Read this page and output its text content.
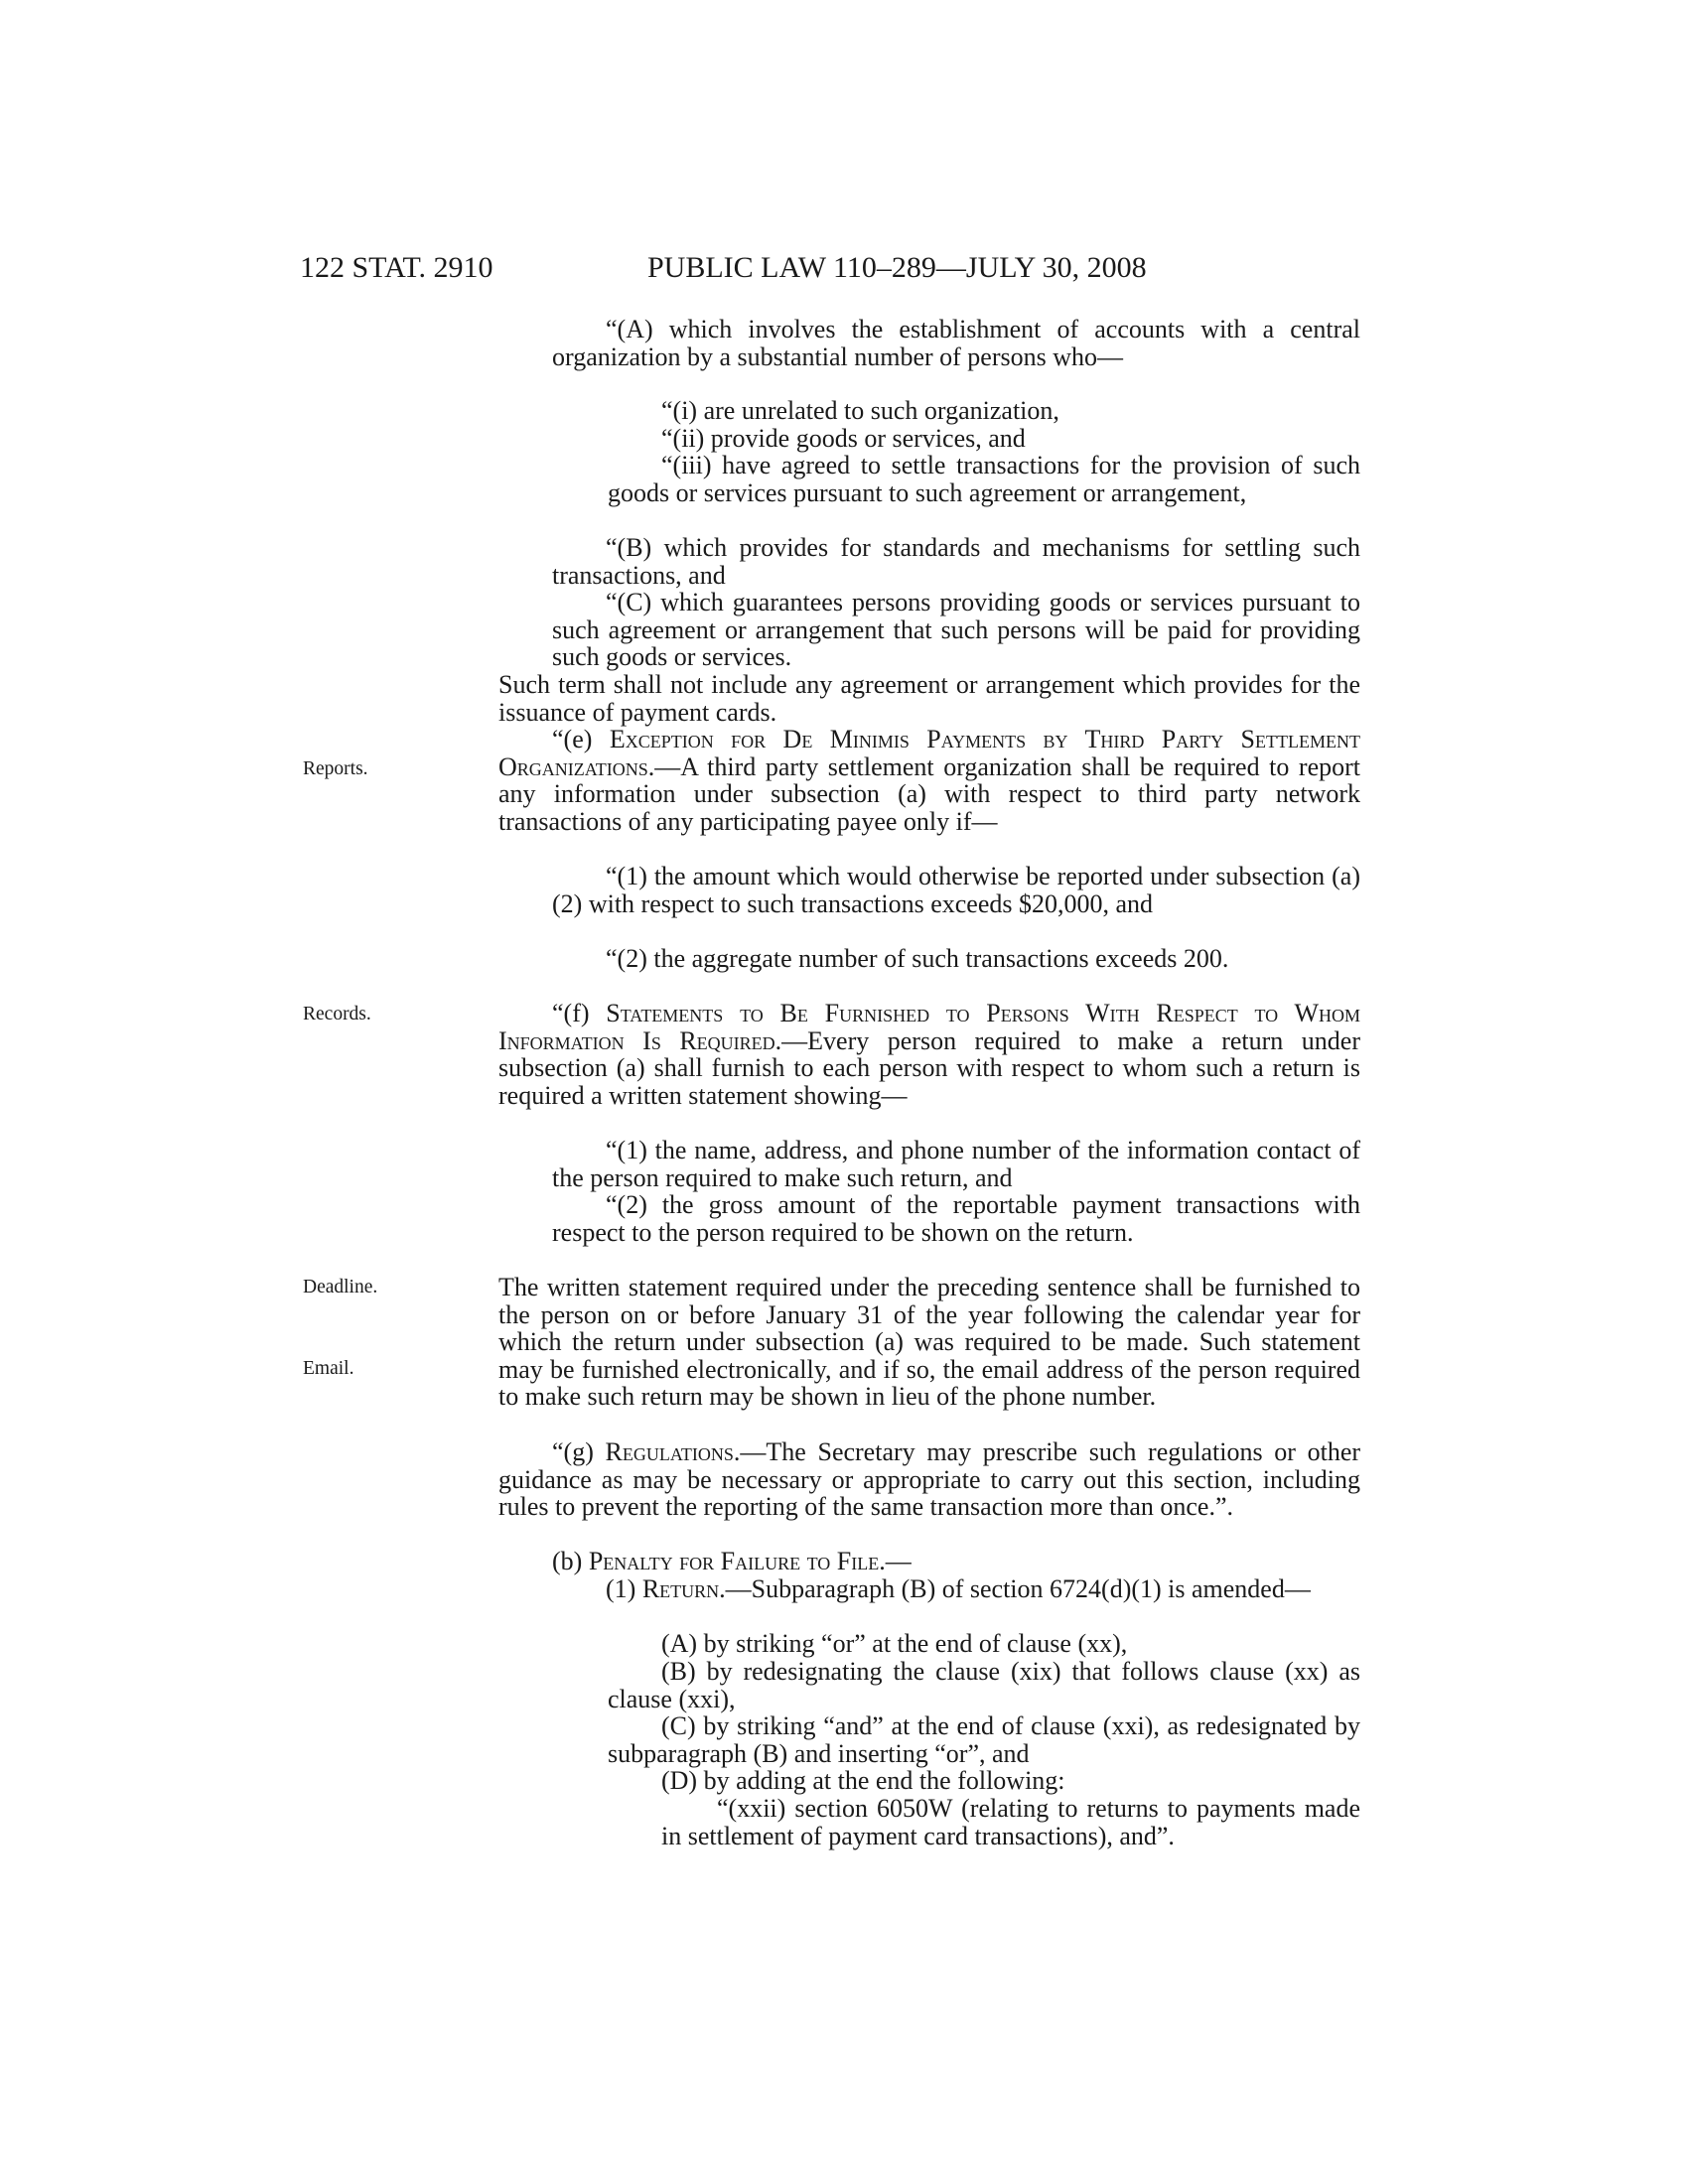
122 STAT. 2910	PUBLIC LAW 110–289—JULY 30, 2008
Reports.
Records.
Deadline.
Email.
“(A) which involves the establishment of accounts with a central organization by a substantial number of persons who—
“(i) are unrelated to such organization,
“(ii) provide goods or services, and
“(iii) have agreed to settle transactions for the provision of such goods or services pursuant to such agreement or arrangement,
“(B) which provides for standards and mechanisms for settling such transactions, and
“(C) which guarantees persons providing goods or services pursuant to such agreement or arrangement that such persons will be paid for providing such goods or services.
Such term shall not include any agreement or arrangement which provides for the issuance of payment cards.
“(e) Exception for De Minimis Payments by Third Party Settlement Organizations.—A third party settlement organization shall be required to report any information under subsection (a) with respect to third party network transactions of any participating payee only if—
“(1) the amount which would otherwise be reported under subsection (a)(2) with respect to such transactions exceeds $20,000, and
“(2) the aggregate number of such transactions exceeds 200.
“(f) Statements to Be Furnished to Persons With Respect to Whom Information Is Required.—Every person required to make a return under subsection (a) shall furnish to each person with respect to whom such a return is required a written statement showing—
“(1) the name, address, and phone number of the information contact of the person required to make such return, and
“(2) the gross amount of the reportable payment transactions with respect to the person required to be shown on the return.
The written statement required under the preceding sentence shall be furnished to the person on or before January 31 of the year following the calendar year for which the return under subsection (a) was required to be made. Such statement may be furnished electronically, and if so, the email address of the person required to make such return may be shown in lieu of the phone number.
“(g) Regulations.—The Secretary may prescribe such regulations or other guidance as may be necessary or appropriate to carry out this section, including rules to prevent the reporting of the same transaction more than once.”.
(b) Penalty for Failure to File.—
(1) Return.—Subparagraph (B) of section 6724(d)(1) is amended—
(A) by striking “or” at the end of clause (xx),
(B) by redesignating the clause (xix) that follows clause (xx) as clause (xxi),
(C) by striking “and” at the end of clause (xxi), as redesignated by subparagraph (B) and inserting “or”, and
(D) by adding at the end the following:
“(xxii) section 6050W (relating to returns to payments made in settlement of payment card transactions), and”.
